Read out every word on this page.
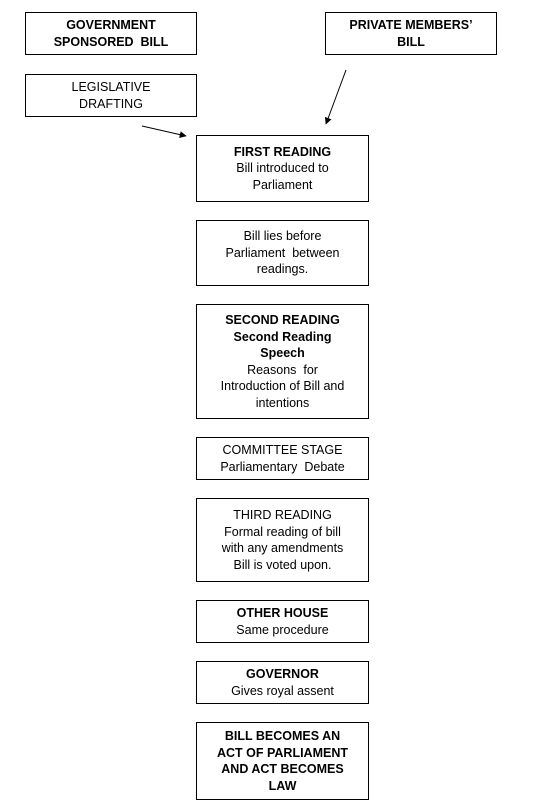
GOVERNMENT
SPONSORED  BILL
PRIVATE MEMBERS’
BILL
LEGISLATIVE
DRAFTING
FIRST READING
Bill introduced to
Parliament
Bill lies before
Parliament  between
readings.
SECOND READING
Second Reading
Speech
Reasons  for
Introduction of Bill and
intentions
COMMITTEE STAGE
Parliamentary  Debate
THIRD READING
Formal reading of bill
with any amendments
Bill is voted upon.
OTHER HOUSE
Same procedure
GOVERNOR
Gives royal assent
BILL BECOMES AN
ACT OF PARLIAMENT
AND ACT BECOMES
LAW
